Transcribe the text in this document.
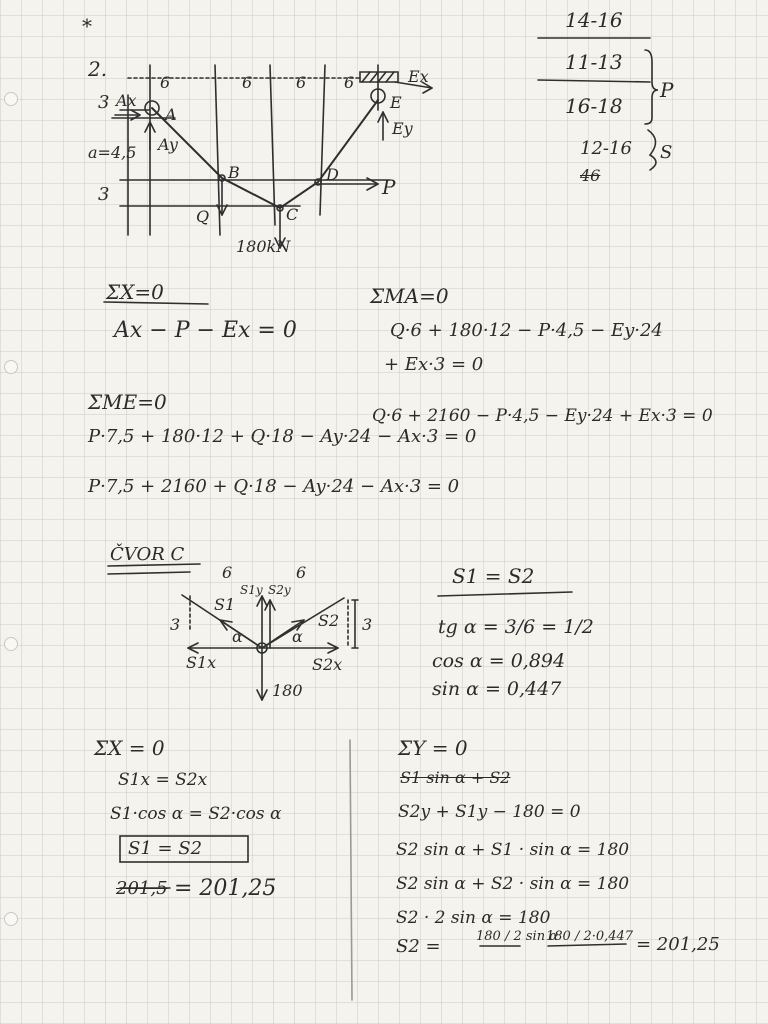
*	14-16
11-13
16-18
P
12-16 S
46
6	6	6 6
3
3
A
E
B
C
D
Ay
Ey
Ex
Ax
P
Q
180kN
a=4,5
2.
6	6
3	3
S1
S2
S1y S2y
S1x	S2x
α	α
180
ΣX=0
Ax − P − Ex = 0
ΣMA=0
Q·6 + 180·12 − P·4,5 − Ey·24
+ Ex·3 = 0
ΣME=0
Q·6 + 2160 − P·4,5 − Ey·24 + Ex·3 = 0
P·7,5 + 180·12 + Q·18 − Ay·24 − Ax·3 = 0
P·7,5 + 2160 + Q·18 − Ay·24 − Ax·3 = 0
ČVOR C
S1 = S2
tg α = 3/6 = 1/2
cos α = 0,894
sin α = 0,447
ΣX = 0
S1x = S2x
S1·cos α = S2·cos α
S1 = S2
201,5 = 201,25
ΣY = 0
S1 sin α + S2
S2y + S1y − 180 = 0
S2 sin α + S1 · sin α = 180
S2 sin α + S2 · sin α = 180
S2 · 2 sin α = 180
S2 =	180 / 2 sin α
180 / 2·0,447 = 201,25
